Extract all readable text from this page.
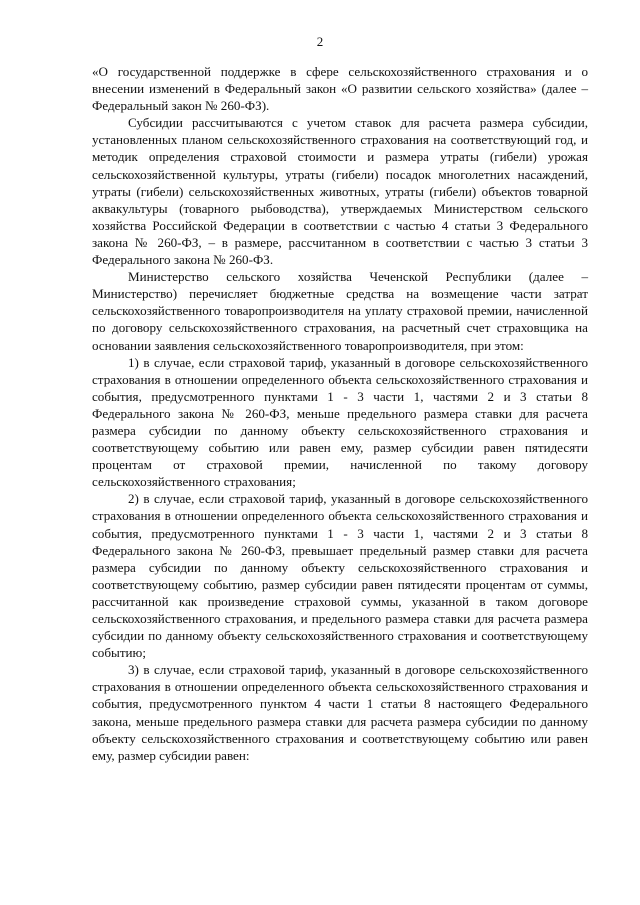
2

«О государственной поддержке в сфере сельскохозяйственного страхования и о внесении изменений в Федеральный закон «О развитии сельского хозяйства» (далее – Федеральный закон № 260-ФЗ).

Субсидии рассчитываются с учетом ставок для расчета размера субсидии, установленных планом сельскохозяйственного страхования на соответствующий год, и методик определения страховой стоимости и размера утраты (гибели) урожая сельскохозяйственной культуры, утраты (гибели) посадок многолетних насаждений, утраты (гибели) сельскохозяйственных животных, утраты (гибели) объектов товарной аквакультуры (товарного рыбоводства), утверждаемых Министерством сельского хозяйства Российской Федерации в соответствии с частью 4 статьи 3 Федерального закона № 260-ФЗ, – в размере, рассчитанном в соответствии с частью 3 статьи 3 Федерального закона № 260-ФЗ.

Министерство сельского хозяйства Чеченской Республики (далее – Министерство) перечисляет бюджетные средства на возмещение части затрат сельскохозяйственного товаропроизводителя на уплату страховой премии, начисленной по договору сельскохозяйственного страхования, на расчетный счет страховщика на основании заявления сельскохозяйственного товаропроизводителя, при этом:

1) в случае, если страховой тариф, указанный в договоре сельскохозяйственного страхования в отношении определенного объекта сельскохозяйственного страхования и события, предусмотренного пунктами 1 - 3 части 1, частями 2 и 3 статьи 8 Федерального закона № 260-ФЗ, меньше предельного размера ставки для расчета размера субсидии по данному объекту сельскохозяйственного страхования и соответствующему событию или равен ему, размер субсидии равен пятидесяти процентам от страховой премии, начисленной по такому договору сельскохозяйственного страхования;

2) в случае, если страховой тариф, указанный в договоре сельскохозяйственного страхования в отношении определенного объекта сельскохозяйственного страхования и события, предусмотренного пунктами 1 - 3 части 1, частями 2 и 3 статьи 8 Федерального закона № 260-ФЗ, превышает предельный размер ставки для расчета размера субсидии по данному объекту сельскохозяйственного страхования и соответствующему событию, размер субсидии равен пятидесяти процентам от суммы, рассчитанной как произведение страховой суммы, указанной в таком договоре сельскохозяйственного страхования, и предельного размера ставки для расчета размера субсидии по данному объекту сельскохозяйственного страхования и соответствующему событию;

3) в случае, если страховой тариф, указанный в договоре сельскохозяйственного страхования в отношении определенного объекта сельскохозяйственного страхования и события, предусмотренного пунктом 4 части 1 статьи 8 настоящего Федерального закона, меньше предельного размера ставки для расчета размера субсидии по данному объекту сельскохозяйственного страхования и соответствующему событию или равен ему, размер субсидии равен:
